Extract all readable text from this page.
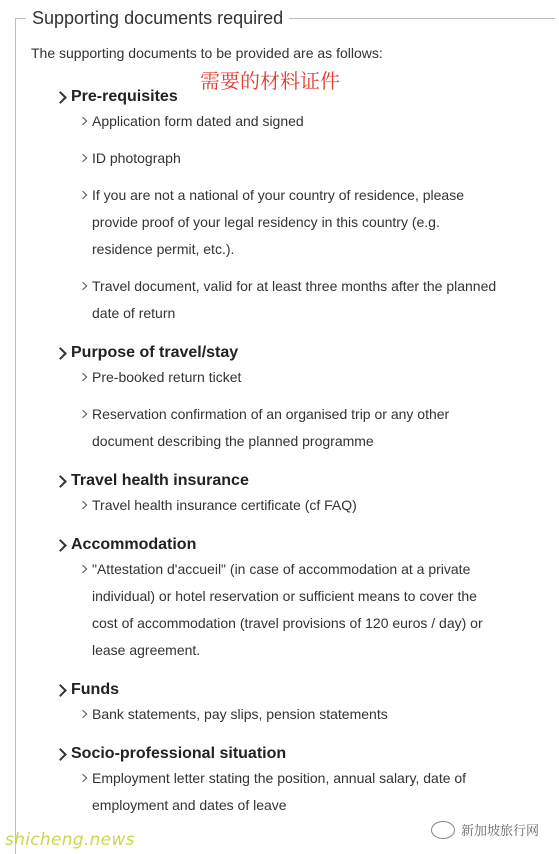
Supporting documents required
The supporting documents to be provided are as follows:
需要的材料证件
Pre-requisites
Application form dated and signed
ID photograph
If you are not a national of your country of residence, please
provide proof of your legal residency in this country (e.g.
residence permit, etc.).
Travel document, valid for at least three months after the planned
date of return
Purpose of travel/stay
Pre-booked return ticket
Reservation confirmation of an organised trip or any other
document describing the planned programme
Travel health insurance
Travel health insurance certificate (cf FAQ)
Accommodation
"Attestation d'accueil" (in case of accommodation at a private
individual) or hotel reservation or sufficient means to cover the
cost of accommodation (travel provisions of 120 euros / day) or
lease agreement.
Funds
Bank statements, pay slips, pension statements
Socio-professional situation
Employment letter stating the position, annual salary, date of
employment and dates of leave
shicheng.news	新加坡旅行网
